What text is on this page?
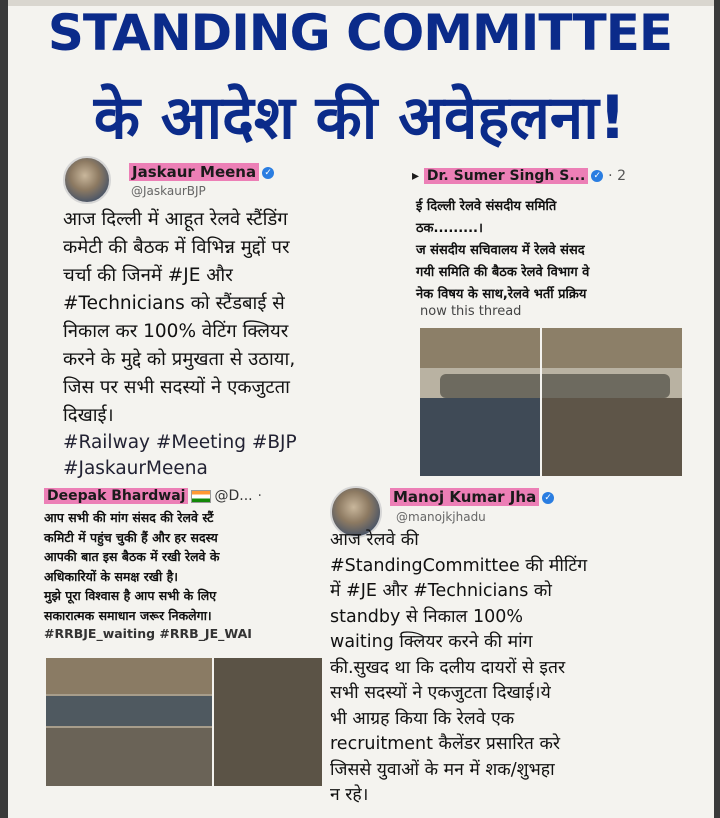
STANDING COMMITTEE
के आदेश की अवेहलना!
Jaskaur Meena ✓
@JaskaurBJP
आज दिल्ली में आहूत रेलवे स्टैंडिंग
कमेटी की बैठक में विभिन्न मुद्दों पर
चर्चा की जिनमें #JE और
#Technicians को स्टैंडबाई से
निकाल कर 100% वेटिंग क्लियर
करने के मुद्दे को प्रमुखता से उठाया,
जिस पर सभी सदस्यों ने एकजुटता
दिखाई।
#Railway #Meeting #BJP
#JaskaurMeena
▸ Dr. Sumer Singh S... ✓ · 2
ई दिल्ली रेलवे संसदीय समिति
ठक.........।
ज संसदीय सचिवालय में रेलवे संसद
गयी समिति की बैठक रेलवे विभाग वे
नेक विषय के साथ,रेलवे भर्ती प्रक्रिय
now this thread
Deepak Bhardwaj @D... ·
आप सभी की मांग संसद की रेलवे स्टैं
कमिटी में पहुंच चुकी हैं और हर सदस्य
आपकी बात इस बैठक में रखी रेलवे के
अधिकारियों के समक्ष रखी है।
मुझे पूरा विश्वास है आप सभी के लिए
सकारात्मक समाधान जरूर निकलेगा।
#RRBJE_waiting #RRB_JE_WAI
Manoj Kumar Jha ✓
@manojkjhadu
आज रेलवे की
#StandingCommittee की मीटिंग
में #JE और #Technicians को
standby से निकाल 100%
waiting क्लियर करने की मांग
की.सुखद था कि दलीय दायरों से इतर
सभी सदस्यों ने एकजुटता दिखाई।ये
भी आग्रह किया कि रेलवे एक
recruitment कैलेंडर प्रसारित करे
जिससे युवाओं के मन में शक/शुभहा
न रहे।
